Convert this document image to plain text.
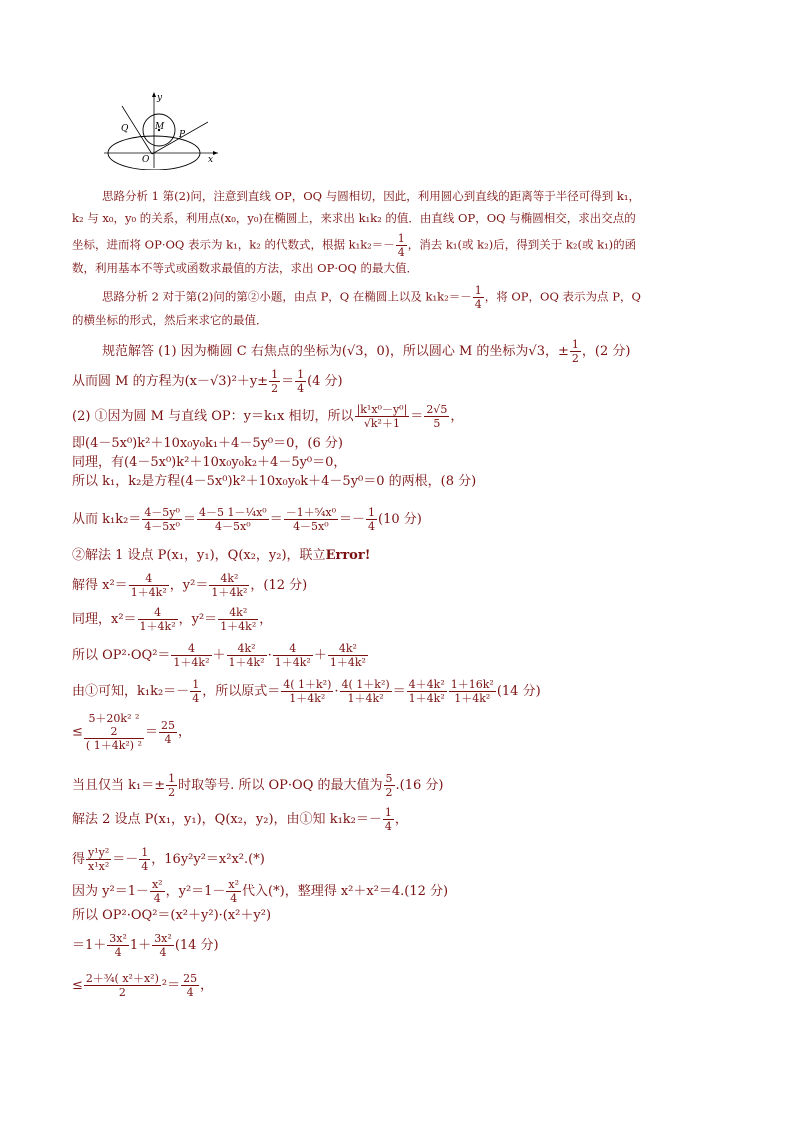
y
x
O
M
P
Q
思路分析 1 第(2)问，注意到直线 OP，OQ 与圆相切，因此，利用圆心到直线的距离等于半径可得到 k₁，
k₂ 与 x₀，y₀ 的关系，利用点(x₀，y₀)在椭圆上，来求出 k₁k₂ 的值．由直线 OP，OQ 与椭圆相交，求出交点的
坐标，进而将 OP·OQ 表示为 k₁，k₂ 的代数式，根据 $k_1k_2=- \frac{1}{4}$ ，消去 k₁(或 k₂)后，得到关于 k₂(或 k₁)的函
数，利用基本不等式或函数求最值的方法，求出 OP·OQ 的最大值．
思路分析 2 对于第(2)问的第②小题，由点 P，Q 在椭圆上以及 $k_1k_2=- \frac{1}{4}$ ，将 OP，OQ 表示为点 P，Q
的横坐标的形式，然后来求它的最值．
规范解答 (1) 因为椭圆 C 右焦点的坐标为(√3，0)，所以圆心 M 的坐标为√3，± $\frac{1}{2}$ ，(2 分)
从而圆 M 的方程为$(x-√3)^2+y\pm \frac{1}{2} = \frac{1}{4} (4$ 分)
(2) ①因为圆 M 与直线 OP：y＝k₁x 相切，所以 $\frac{\text{|k¹x⁰－y⁰|}}{\text{√k²＋1}} = \frac{2√5}{5}$ ，
即(4－5x⁰)k²＋10x₀y₀k₁＋4－5y⁰＝0，(6 分)
同理，有(4－5x⁰)k²＋10x₀y₀k₂＋4－5y⁰＝0，
所以 k₁，k₂是方程(4－5x⁰)k²＋10x₀y₀k＋4－5y⁰＝0 的两根，(8 分)
从而 $k_1k_2= \frac{\text{4－5y⁰}}{\text{4－5x⁰}} = \frac{\text{4－5 1－¹⁄₄x⁰}}{\text{4－5x⁰}} = \frac{\text{－1＋⁵⁄₄x⁰}}{\text{4－5x⁰}} =- \frac{1}{4} (10$ 分)
②解法 1 设点 P(x₁，y₁)，Q(x₂，y₂)，联立Error!
解得 $x^2= \frac{4}{\text{1＋4k²}}$ ，$y^2= \frac{\text{4k²}}{\text{1＋4k²}}$ ，(12 分)
同理，$x^2= \frac{4}{\text{1＋4k²}}$ ，$y^2= \frac{\text{4k²}}{\text{1＋4k²}}$ ，
所以 $OP^2\cdot OQ^2= \frac{4}{\text{1＋4k²}} + \frac{\text{4k²}}{\text{1＋4k²}} \cdot \frac{4}{\text{1＋4k²}} + \frac{\text{4k²}}{\text{1＋4k²}}$
由①可知，$k_1k_2=- \frac{1}{4}$ ，所以原式＝ $\frac{\text{4( 1＋k²)}}{\text{1＋4k²}} \cdot \frac{\text{4( 1＋k²)}}{\text{1＋4k²}} = \frac{\text{4＋4k²}}{\text{1＋4k²}} \frac{\text{1＋16k²}}{\text{1＋4k²}} (14$ 分)
≤
5＋20k² ²
2
( 1＋4k²) ²
＝ $\frac{25}{4}$ ，
当且仅当 $k_1=\pm \frac{1}{2}$ 时取等号. 所以 OP·OQ 的最大值为 $\frac{5}{2} .(16$ 分)
解法 2 设点 P(x₁，y₁)，Q(x₂，y₂)，由①知 $k_1k_2=- \frac{1}{4}$ ，
得 $\frac{\text{y¹y²}}{\text{x¹x²}} =- \frac{1}{4}$ ，16y²y²＝x²x².(*)
因为 $y^2=1- \frac{\text{x²}}{4}$ ，$y^2=1- \frac{\text{x²}}{4}$ 代入(*)，整理得 x²＋x²＝4.(12 分)
所以 OP²·OQ²＝(x²＋y²)·(x²＋y²)
$=1+ \frac{\text{3x²}}{4} 1+ \frac{\text{3x²}}{4} (14$ 分)
≤ $\frac{\text{2＋³⁄₄( x²＋x²)}}{2} ^2= \frac{25}{4}$ ，
